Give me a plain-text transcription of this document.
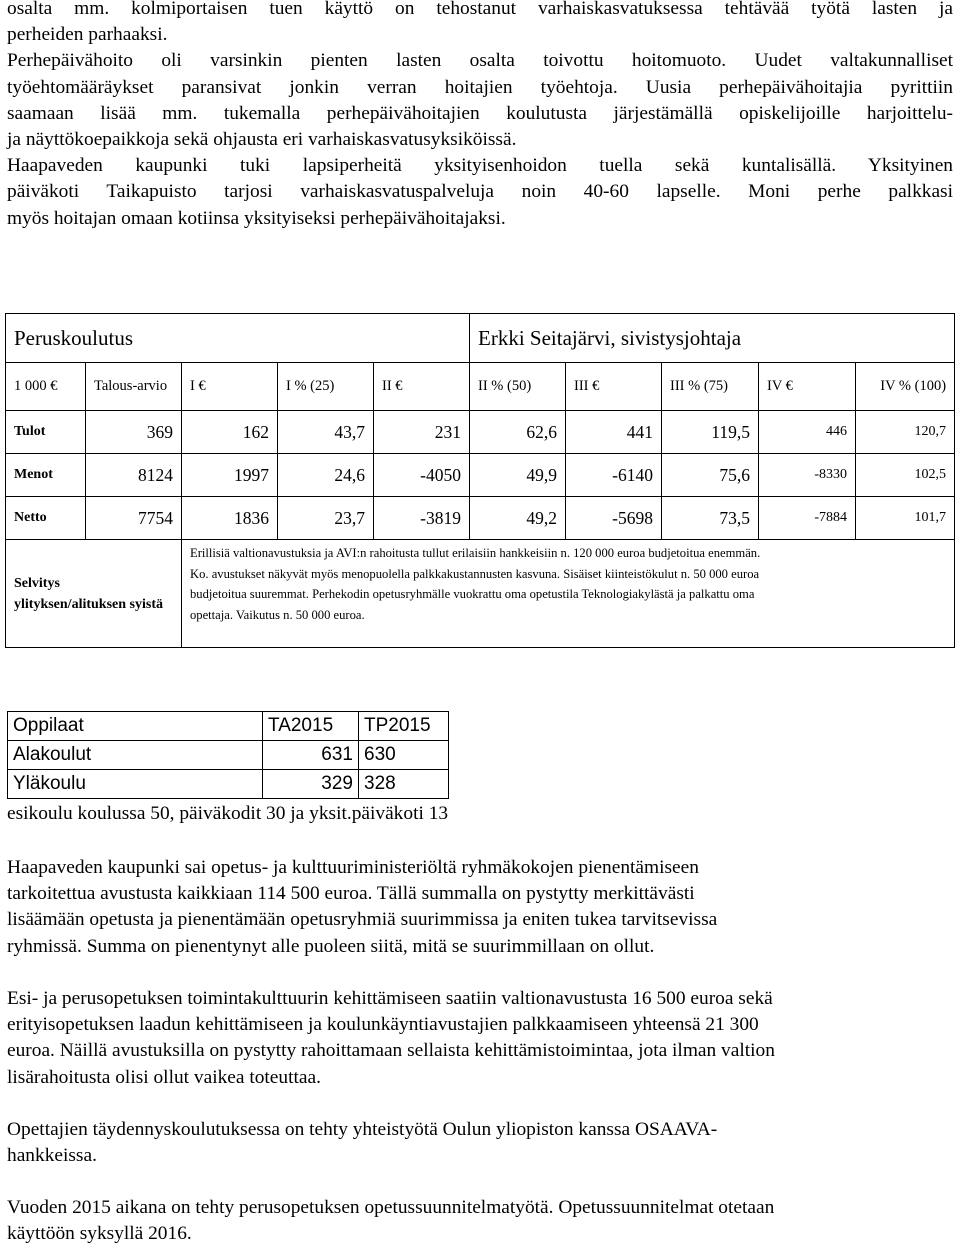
osalta mm. kolmiportaisen tuen käyttö on tehostanut varhaiskasvatuksessa tehtävää työtä lasten ja
perheiden parhaaksi.
Perhepäivähoito oli varsinkin pienten lasten osalta toivottu hoitomuoto. Uudet valtakunnalliset
työehtomääräykset paransivat jonkin verran hoitajien työehtoja. Uusia perhepäivähoitajia pyrittiin
saamaan lisää mm. tukemalla perhepäivähoitajien koulutusta järjestämällä opiskelijoille harjoittelu-
ja näyttökoepaikkoja sekä ohjausta eri varhaiskasvatusyksiköissä.
Haapaveden kaupunki tuki lapsiperheitä yksityisenhoidon tuella sekä kuntalisällä. Yksityinen
päiväkoti Taikapuisto tarjosi varhaiskasvatuspalveluja noin 40-60 lapselle. Moni perhe palkkasi
myös hoitajan omaan kotiinsa yksityiseksi perhepäivähoitajaksi.
Peruskoulutus					Erkki Seitajärvi, sivistysjohtaja				
1 000 €	Talous-arvio	I €	I % (25)	II €	II % (50)	III €	III % (75)	IV €	IV % (100)
Tulot	369	162	43,7	231	62,6	441	119,5	446	120,7
Menot	8124	1997	24,6	-4050	49,9	-6140	75,6	-8330	102,5
Netto	7754	1836	23,7	-3819	49,2	-5698	73,5	-7884	101,7
Selvitys ylityksen/alituksen syistä		Erillisiä valtionavustuksia ja AVI:n rahoitusta tullut erilaisiin hankkeisiin n. 120 000 euroa budjetoitua enemmän.
Ko. avustukset näkyvät myös menopuolella palkkakustannusten kasvuna. Sisäiset kiinteistökulut n. 50 000 euroa
budjetoitua suuremmat. Perhekodin opetusryhmälle vuokrattu oma opetustila Teknologiakylästä ja palkattu oma
opettaja. Vaikutus n. 50 000 euroa.							
Oppilaat	TA2015	TP2015
Alakoulut	631	630
Yläkoulu	329	328
esikoulu koulussa 50, päiväkodit 30 ja yksit.päiväkoti 13
Haapaveden kaupunki sai opetus- ja kulttuuriministeriöltä ryhmäkokojen pienentämiseen
tarkoitettua avustusta kaikkiaan 114 500 euroa. Tällä summalla on pystytty merkittävästi
lisäämään opetusta ja pienentämään opetusryhmiä suurimmissa ja eniten tukea tarvitsevissa
ryhmissä. Summa on pienentynyt alle puoleen siitä, mitä se suurimmillaan on ollut.
Esi- ja perusopetuksen toimintakulttuurin kehittämiseen saatiin valtionavustusta 16 500 euroa sekä
erityisopetuksen laadun kehittämiseen ja koulunkäyntiavustajien palkkaamiseen yhteensä 21 300
euroa. Näillä avustuksilla on pystytty rahoittamaan sellaista kehittämistoimintaa, jota ilman valtion
lisärahoitusta olisi ollut vaikea toteuttaa.
Opettajien täydennyskoulutuksessa on tehty yhteistyötä Oulun yliopiston kanssa OSAAVA-
hankkeissa.
Vuoden 2015 aikana on tehty perusopetuksen opetussuunnitelmatyötä. Opetussuunnitelmat otetaan
käyttöön syksyllä 2016.
